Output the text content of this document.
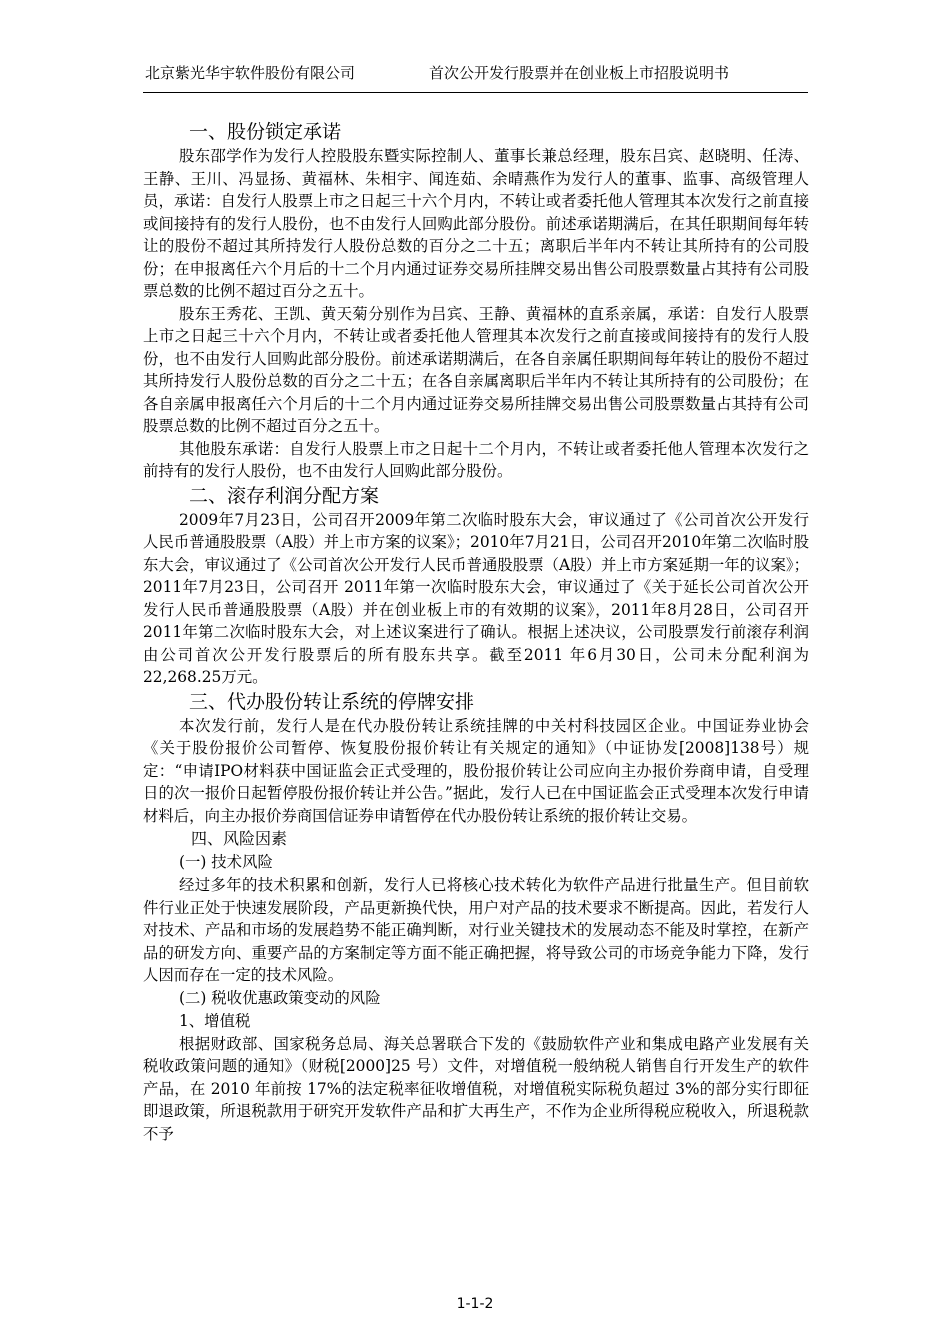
北京紫光华宇软件股份有限公司	首次公开发行股票并在创业板上市招股说明书

一、股份锁定承诺

股东邵学作为发行人控股股东暨实际控制人、董事长兼总经理，股东吕宾、赵晓明、任涛、王静、王川、冯显扬、黄福林、朱相宇、闻连茹、余晴燕作为发行人的董事、监事、高级管理人员，承诺：自发行人股票上市之日起三十六个月内，不转让或者委托他人管理其本次发行之前直接或间接持有的发行人股份，也不由发行人回购此部分股份。前述承诺期满后，在其任职期间每年转让的股份不超过其所持发行人股份总数的百分之二十五；离职后半年内不转让其所持有的公司股份；在申报离任六个月后的十二个月内通过证券交易所挂牌交易出售公司股票数量占其持有公司股票总数的比例不超过百分之五十。

股东王秀花、王凯、黄天菊分别作为吕宾、王静、黄福林的直系亲属，承诺：自发行人股票上市之日起三十六个月内，不转让或者委托他人管理其本次发行之前直接或间接持有的发行人股份，也不由发行人回购此部分股份。前述承诺期满后，在各自亲属任职期间每年转让的股份不超过其所持发行人股份总数的百分之二十五；在各自亲属离职后半年内不转让其所持有的公司股份；在各自亲属申报离任六个月后的十二个月内通过证券交易所挂牌交易出售公司股票数量占其持有公司股票总数的比例不超过百分之五十。

其他股东承诺：自发行人股票上市之日起十二个月内，不转让或者委托他人管理本次发行之前持有的发行人股份，也不由发行人回购此部分股份。

二、滚存利润分配方案

2009年7月23日，公司召开2009年第二次临时股东大会，审议通过了《公司首次公开发行人民币普通股股票（A股）并上市方案的议案》；2010年7月21日，公司召开2010年第二次临时股东大会，审议通过了《公司首次公开发行人民币普通股股票（A股）并上市方案延期一年的议案》；2011年7月23日，公司召开 2011年第一次临时股东大会，审议通过了《关于延长公司首次公开发行人民币普通股股票（A股）并在创业板上市的有效期的议案》，2011年8月28日，公司召开2011年第二次临时股东大会，对上述议案进行了确认。根据上述决议，公司股票发行前滚存利润由公司首次公开发行股票后的所有股东共享。截至2011 年6月30日，公司未分配利润为22,268.25万元。

三、代办股份转让系统的停牌安排

本次发行前，发行人是在代办股份转让系统挂牌的中关村科技园区企业。中国证券业协会《关于股份报价公司暂停、恢复股份报价转让有关规定的通知》（中证协发[2008]138号）规定：“申请IPO材料获中国证监会正式受理的，股份报价转让公司应向主办报价券商申请，自受理日的次一报价日起暂停股份报价转让并公告。”据此，发行人已在中国证监会正式受理本次发行申请材料后，向主办报价券商国信证券申请暂停在代办股份转让系统的报价转让交易。

四、风险因素

(一) 技术风险

经过多年的技术积累和创新，发行人已将核心技术转化为软件产品进行批量生产。但目前软件行业正处于快速发展阶段，产品更新换代快，用户对产品的技术要求不断提高。因此，若发行人对技术、产品和市场的发展趋势不能正确判断，对行业关键技术的发展动态不能及时掌控，在新产品的研发方向、重要产品的方案制定等方面不能正确把握，将导致公司的市场竞争能力下降，发行人因而存在一定的技术风险。

(二) 税收优惠政策变动的风险

1、增值税

根据财政部、国家税务总局、海关总署联合下发的《鼓励软件产业和集成电路产业发展有关税收政策问题的通知》（财税[2000]25 号）文件，对增值税一般纳税人销售自行开发生产的软件产品，在 2010 年前按 17%的法定税率征收增值税，对增值税实际税负超过 3%的部分实行即征即退政策，所退税款用于研究开发软件产品和扩大再生产，不作为企业所得税应税收入，所退税款不予

1-1-2
